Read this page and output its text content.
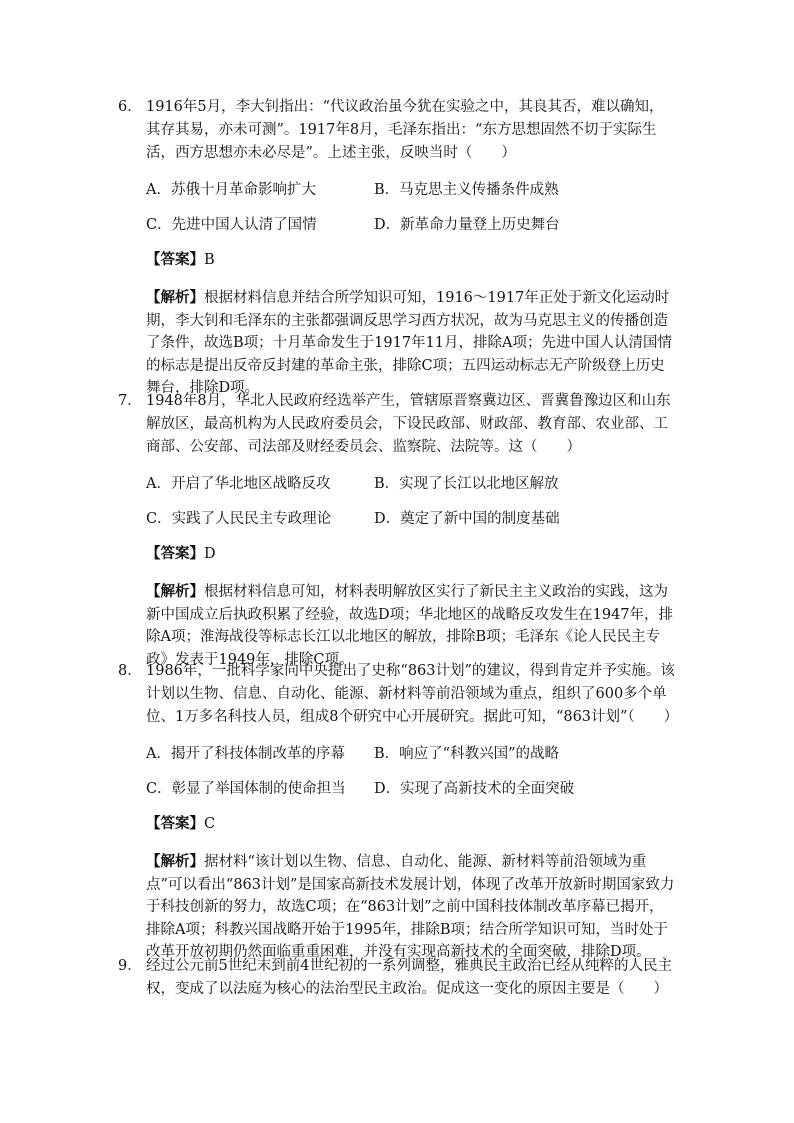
6． 1916年5月，李大钊指出：“代议政治虽今犹在实验之中，其良其否，难以确知，其存其易，亦未可测”。1917年8月，毛泽东指出：“东方思想固然不切于实际生活，西方思想亦未必尽是”。上述主张，反映当时（　　）
A．苏俄十月革命影响扩大	B．马克思主义传播条件成熟
C．先进中国人认清了国情	D．新革命力量登上历史舞台
【答案】B
【解析】根据材料信息并结合所学知识可知，1916～1917年正处于新文化运动时期，李大钊和毛泽东的主张都强调反思学习西方状况，故为马克思主义的传播创造了条件，故选B项；十月革命发生于1917年11月，排除A项；先进中国人认清国情的标志是提出反帝反封建的革命主张，排除C项；五四运动标志无产阶级登上历史舞台，排除D项。
7． 1948年8月，华北人民政府经选举产生，管辖原晋察冀边区、晋冀鲁豫边区和山东解放区，最高机构为人民政府委员会，下设民政部、财政部、教育部、农业部、工商部、公安部、司法部及财经委员会、监察院、法院等。这（　　）
A．开启了华北地区战略反攻	B．实现了长江以北地区解放
C．实践了人民民主专政理论	D．奠定了新中国的制度基础
【答案】D
【解析】根据材料信息可知，材料表明解放区实行了新民主主义政治的实践，这为新中国成立后执政积累了经验，故选D项；华北地区的战略反攻发生在1947年，排除A项；淮海战役等标志长江以北地区的解放，排除B项；毛泽东《论人民民主专政》发表于1949年，排除C项。
8． 1986年，一批科学家向中央提出了史称“863计划”的建议，得到肯定并予实施。该计划以生物、信息、自动化、能源、新材料等前沿领域为重点，组织了600多个单位、1万多名科技人员，组成8个研究中心开展研究。据此可知，“863计划”（　　）
A．揭开了科技体制改革的序幕	B．响应了“科教兴国”的战略
C．彰显了举国体制的使命担当	D．实现了高新技术的全面突破
【答案】C
【解析】据材料“该计划以生物、信息、自动化、能源、新材料等前沿领域为重点”可以看出“863计划”是国家高新技术发展计划，体现了改革开放新时期国家致力于科技创新的努力，故选C项；在“863计划”之前中国科技体制改革序幕已揭开，排除A项；科教兴国战略开始于1995年，排除B项；结合所学知识可知，当时处于改革开放初期仍然面临重重困难，并没有实现高新技术的全面突破，排除D项。
9． 经过公元前5世纪末到前4世纪初的一系列调整，雅典民主政治已经从纯粹的人民主权，变成了以法庭为核心的法治型民主政治。促成这一变化的原因主要是（　　）
